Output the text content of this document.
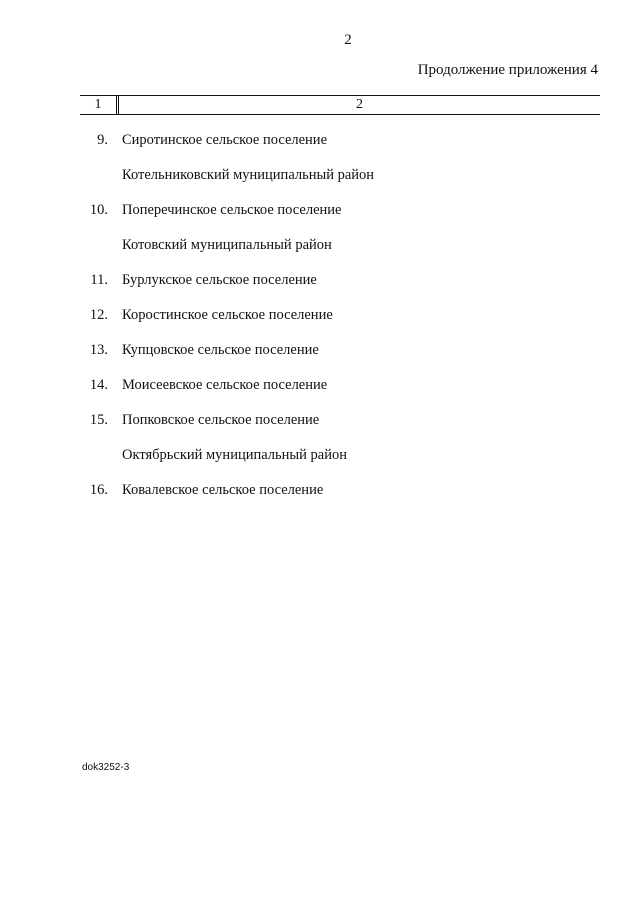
2
Продолжение приложения 4
1	2
9. Сиротинское сельское поселение
Котельниковский муниципальный район
10. Поперечинское сельское поселение
Котовский муниципальный район
11. Бурлукское сельское поселение
12. Коростинское сельское поселение
13. Купцовское сельское поселение
14. Моисеевское сельское поселение
15. Попковское сельское поселение
Октябрьский муниципальный район
16. Ковалевское сельское поселение
dok3252-3
